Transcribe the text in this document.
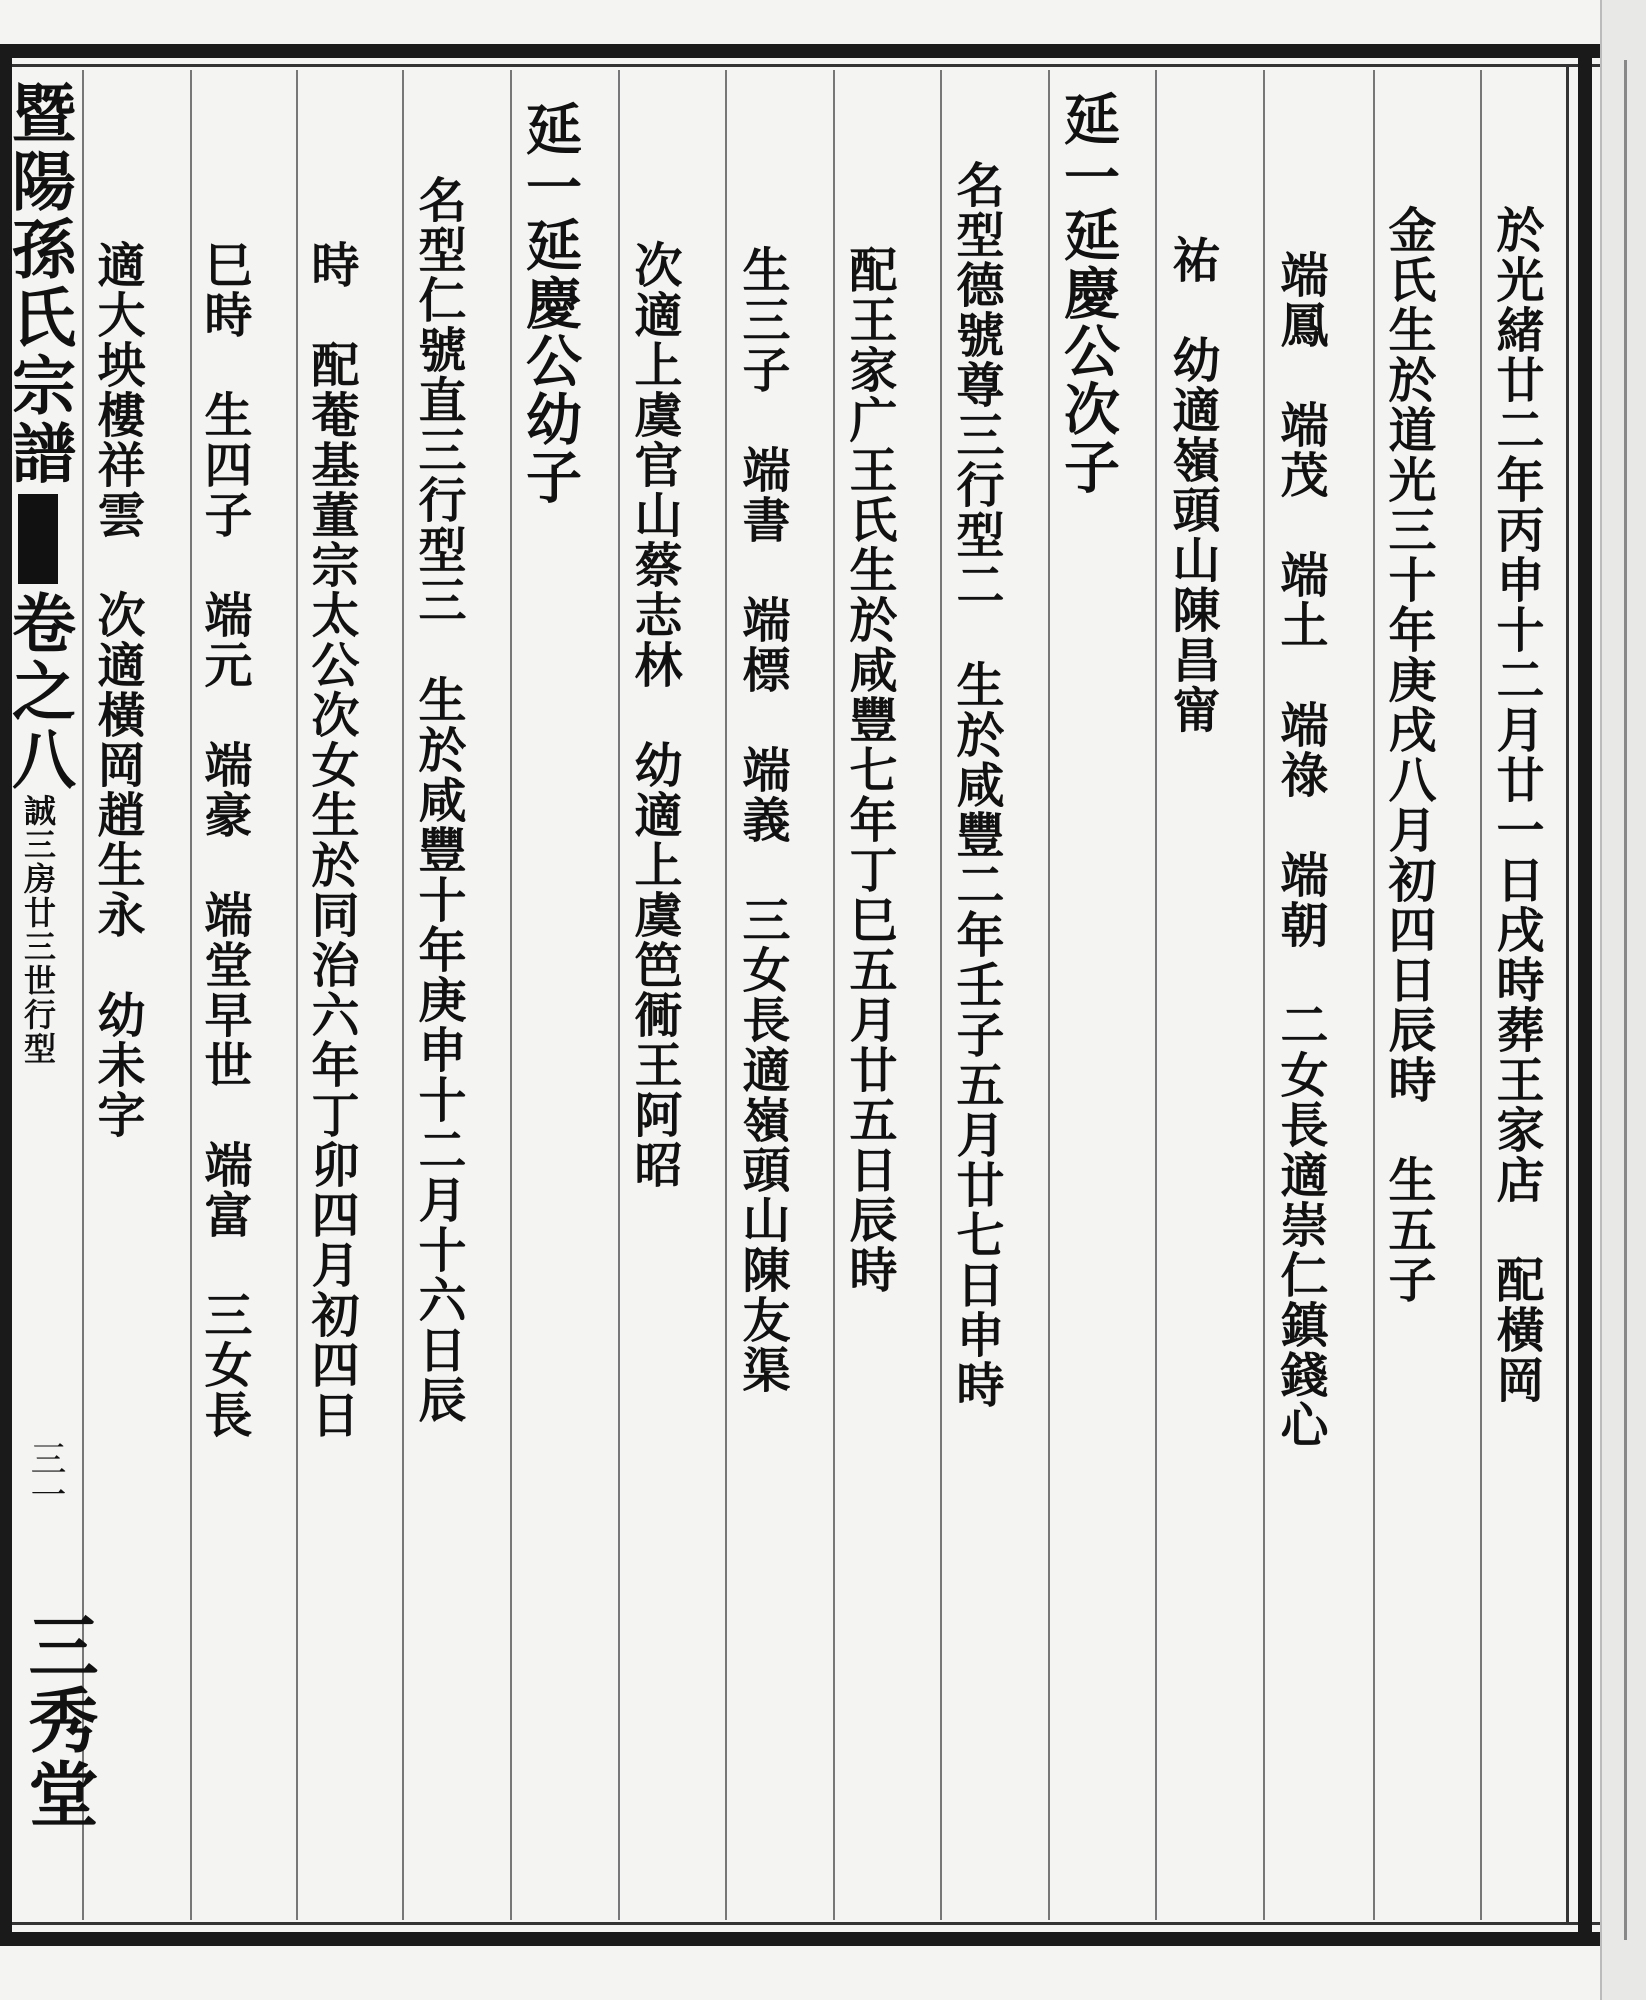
於光緒廿二年丙申十二月廿一日戌時葬王家店　配橫岡
金氏生於道光三十年庚戌八月初四日辰時　生五子
端鳳　端茂　端土　端祿　端朝　二女長適崇仁鎮錢心
祐　幼適嶺頭山陳昌甯
延一延慶公次子
名型德號尊三行型二　生於咸豐二年壬子五月廿七日申時
配王家广王氏生於咸豐七年丁巳五月廿五日辰時
生三子　端書　端標　端義　三女長適嶺頭山陳友渠
次適上虞官山蔡志林　幼適上虞笆衕王阿昭
延一延慶公幼子
名型仁號直三行型三　生於咸豐十年庚申十二月十六日辰
時　配菴基董宗太公次女生於同治六年丁卯四月初四日
巳時　生四子　端元　端豪　端堂早世　端富　三女長
適大坱樓祥雲　次適橫岡趙生永　幼未字
暨陽孫氏宗譜卷之八誠三房廿三世行型
三一
三秀堂
